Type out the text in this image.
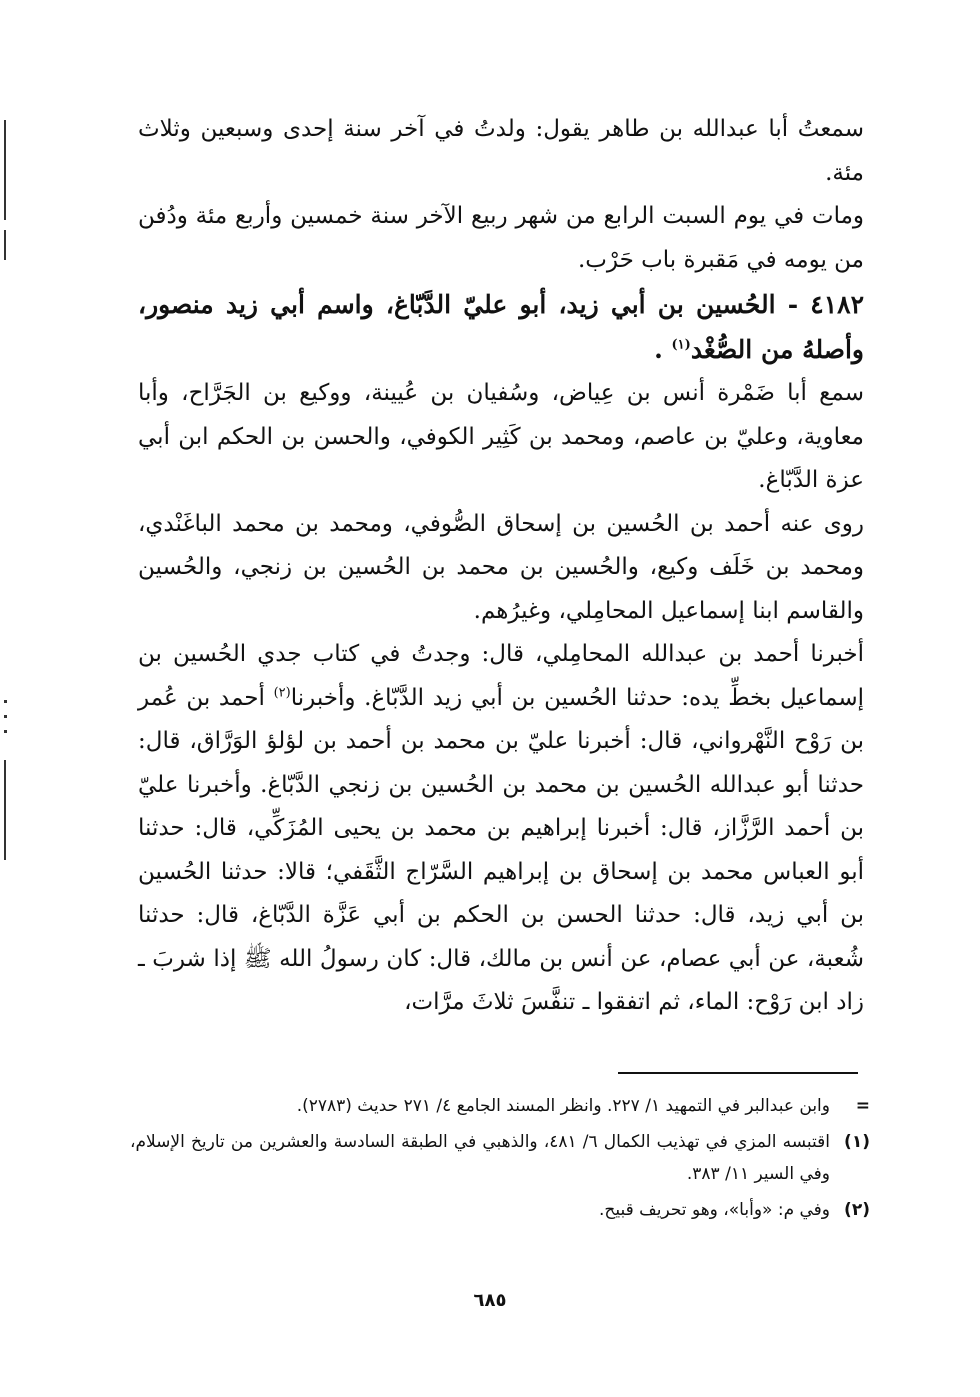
سمعتُ أبا عبدالله بن طاهر يقول: ولدتُ في آخر سنة إحدى وسبعين وثلاث مئة.

ومات في يوم السبت الرابع من شهر ربيع الآخر سنة خمسين وأربع مئة ودُفن من يومه في مَقبرة باب حَرْب.

٤١٨٢ - الحُسين بن أبي زيد، أبو عليّ الدَّبّاغ، واسم أبي زيد منصور، وأصلهُ من الصُّغْد$^{(١)}$ .

سمع أبا ضَمْرة أنس بن عِياض، وسُفيان بن عُيينة، ووكيع بن الجَرَّاح، وأبا معاوية، وعليّ بن عاصم، ومحمد بن كَثِير الكوفي، والحسن بن الحكم ابن أبي عزة الدَّبّاغ.

روى عنه أحمد بن الحُسين بن إسحاق الصُّوفي، ومحمد بن محمد الباغَنْدي، ومحمد بن خَلَف وكيع، والحُسين بن محمد بن الحُسين بن زنجي، والحُسين والقاسم ابنا إسماعيل المحامِلي، وغيرُهم.

أخبرنا أحمد بن عبدالله المحامِلي، قال: وجدتُ في كتاب جدي الحُسين بن إسماعيل بخطِّ يده: حدثنا الحُسين بن أبي زيد الدَّبّاغ. وأخبرنا$^{(٢)}$ أحمد بن عُمر بن رَوْح النَّهْرواني، قال: أخبرنا عليّ بن محمد بن أحمد بن لؤلؤ الوَرَّاق، قال: حدثنا أبو عبدالله الحُسين بن محمد بن الحُسين بن زنجي الدَّبّاغ. وأخبرنا عليّ بن أحمد الرَّزَّاز، قال: أخبرنا إبراهيم بن محمد بن يحيى المُزَكِّي، قال: حدثنا أبو العباس محمد بن إسحاق بن إبراهيم السَّرّاج الثَّقَفي؛ قالا: حدثنا الحُسين بن أبي زيد، قال: حدثنا الحسن بن الحكم بن أبي عَزَّة الدَّبّاغ، قال: حدثنا شُعبة، عن أبي عصام، عن أنس بن مالك، قال: كان رسولُ الله ﷺ إذا شربَ ـ زاد ابن رَوْح: الماء، ثم اتفقوا ـ تنفَّسَ ثلاثَ مرَّات،

=
وابن عبدالبر في التمهيد ١/ ٢٢٧. وانظر المسند الجامع ٤/ ٢٧١ حديث (٢٧٨٣).
(١)
اقتبسه المزي في تهذيب الكمال ٦/ ٤٨١، والذهبي في الطبقة السادسة والعشرين من تاريخ الإسلام، وفي السير ١١/ ٣٨٣.
(٢)
وفي م: «وأبا»، وهو تحريف قبيح.
٦٨٥
